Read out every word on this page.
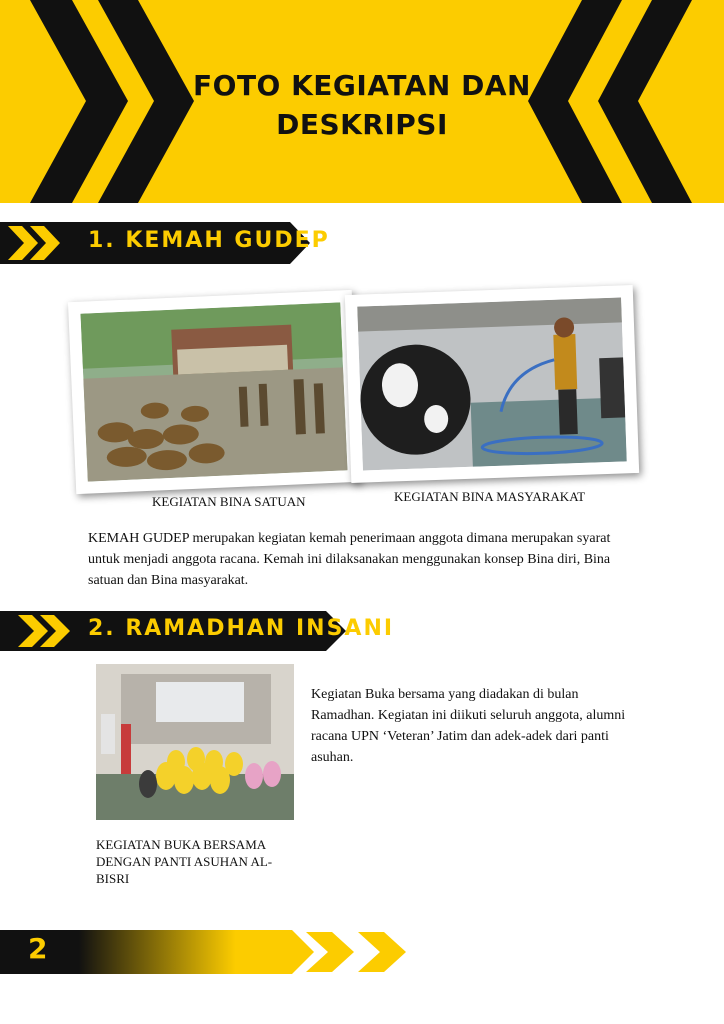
FOTO KEGIATAN DAN
DESKRIPSI
1. KEMAH GUDEP
KEGIATAN BINA SATUAN	KEGIATAN BINA MASYARAKAT
KEMAH GUDEP merupakan kegiatan kemah penerimaan anggota dimana merupakan syarat untuk menjadi anggota racana. Kemah ini dilaksanakan menggunakan konsep Bina diri, Bina satuan dan Bina masyarakat.
2. RAMADHAN INSANI
KEGIATAN BUKA BERSAMA
DENGAN PANTI ASUHAN AL-
BISRI
Kegiatan Buka bersama yang diadakan di bulan Ramadhan. Kegiatan ini diikuti seluruh anggota, alumni racana UPN ‘Veteran’ Jatim dan adek-adek dari panti asuhan.
2
